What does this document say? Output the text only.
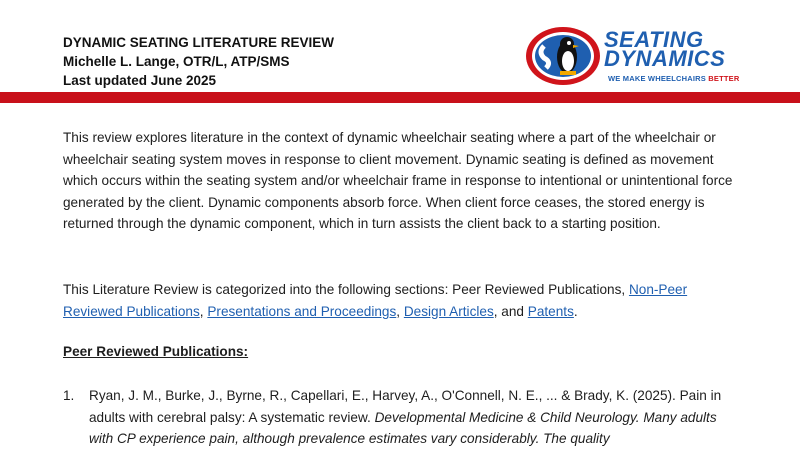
DYNAMIC SEATING LITERATURE REVIEW
Michelle L. Lange, OTR/L, ATP/SMS
Last updated June 2025
SEATING
DYNAMICS
WE MAKE WHEELCHAIRS BETTER
This review explores literature in the context of dynamic wheelchair seating where a part of the wheelchair or wheelchair seating system moves in response to client movement. Dynamic seating is defined as movement which occurs within the seating system and/or wheelchair frame in response to intentional or unintentional force generated by the client. Dynamic components absorb force. When client force ceases, the stored energy is returned through the dynamic component, which in turn assists the client back to a starting position.
This Literature Review is categorized into the following sections: Peer Reviewed Publications, Non-Peer Reviewed Publications, Presentations and Proceedings, Design Articles, and Patents.
Peer Reviewed Publications:
1. Ryan, J. M., Burke, J., Byrne, R., Capellari, E., Harvey, A., O'Connell, N. E., ... & Brady, K. (2025). Pain in adults with cerebral palsy: A systematic review. Developmental Medicine & Child Neurology. Many adults with CP experience pain, although prevalence estimates vary considerably. The quality
